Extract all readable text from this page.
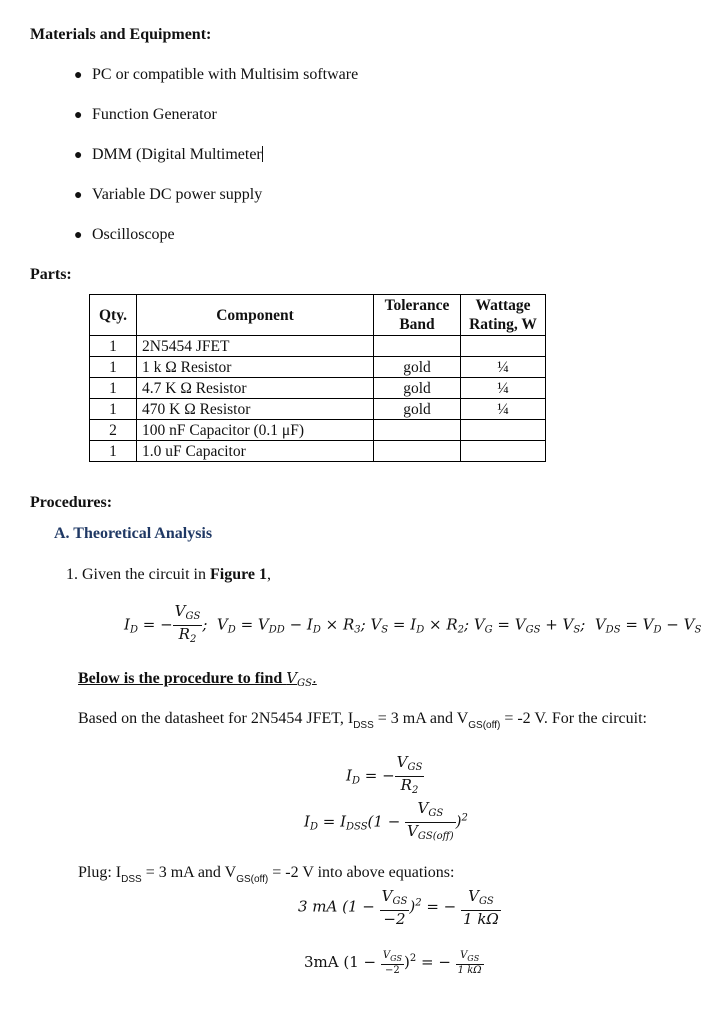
Materials and Equipment:
● PC or compatible with Multisim software
● Function Generator
● DMM (Digital Multimeter
● Variable DC power supply
● Oscilloscope
Parts:
Qty.	Component	Tolerance Band	Wattage Rating, W
1	2N5454 JFET		
1	1 k Ω Resistor	gold	¼
1	4.7 K Ω Resistor	gold	¼
1	470 K Ω Resistor	gold	¼
2	100 nF Capacitor (0.1 μF)		
1	1.0 uF Capacitor		
Procedures:
A. Theoretical Analysis
1. Given the circuit in Figure 1,
$I_D$ = − $\frac{V_{GS}}{R_2}$ ;  $V_D = V_{DD} - I_D \times R_3$; $V_S = I_D \times R_2$; $V_G = V_{GS} + V_S$;  $V_{DS} = V_D - V_S$
Below is the procedure to find $V_{GS}$.
Based on the datasheet for 2N5454 JFET, $I_{DSS} = 3$ mA and $V_{GS(off)} = -2$ V. For the circuit:
$I_D$ = − $\frac{V_{GS}}{R_2}$
$I_D = I_{DSS}(1 - \frac{V_{GS}}{V_{GS(off)}} )^2$
Plug: $I_{DSS} = 3$ mA and $V_{GS(off)} = -2$ V into above equations:
3 mA $(1 - \frac{V_{GS}}{-2} )^2$ = − $\frac{V_{GS}}{1 k\Omega}$
3mA $(1 - \frac{V_{GS}}{-2} )^2$ = − $\frac{V_{GS}}{1 k\Omega}$
